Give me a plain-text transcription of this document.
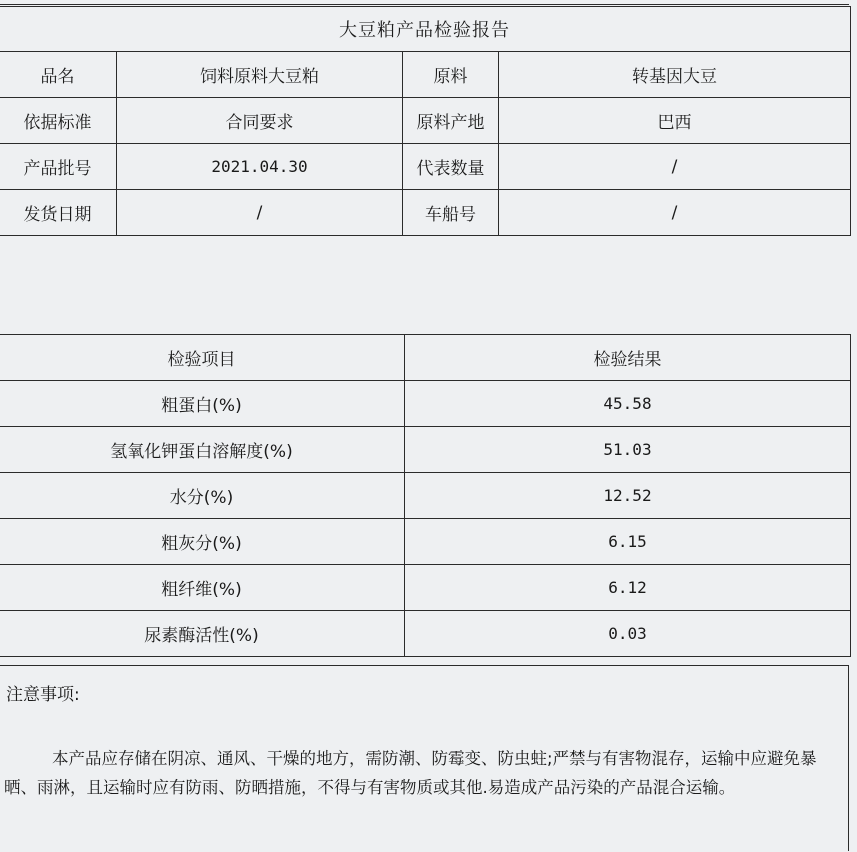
大豆粕产品检验报告			
品名	饲料原料大豆粕	原料	转基因大豆
依据标准	合同要求	原料产地	巴西
产品批号	2021.04.30	代表数量	/
发货日期	/	车船号	/
检验项目	检验结果
粗蛋白(%)	45.58
氢氧化钾蛋白溶解度(%)	51.03
水分(%)	12.52
粗灰分(%)	6.15
粗纤维(%)	6.12
尿素酶活性(%)	0.03
注意事项:
本产品应存储在阴凉、通风、干燥的地方，需防潮、防霉变、防虫蛀;严禁与有害物混存，运输中应避免暴晒、雨淋，且运输时应有防雨、防晒措施，不得与有害物质或其他.易造成产品污染的产品混合运输。
